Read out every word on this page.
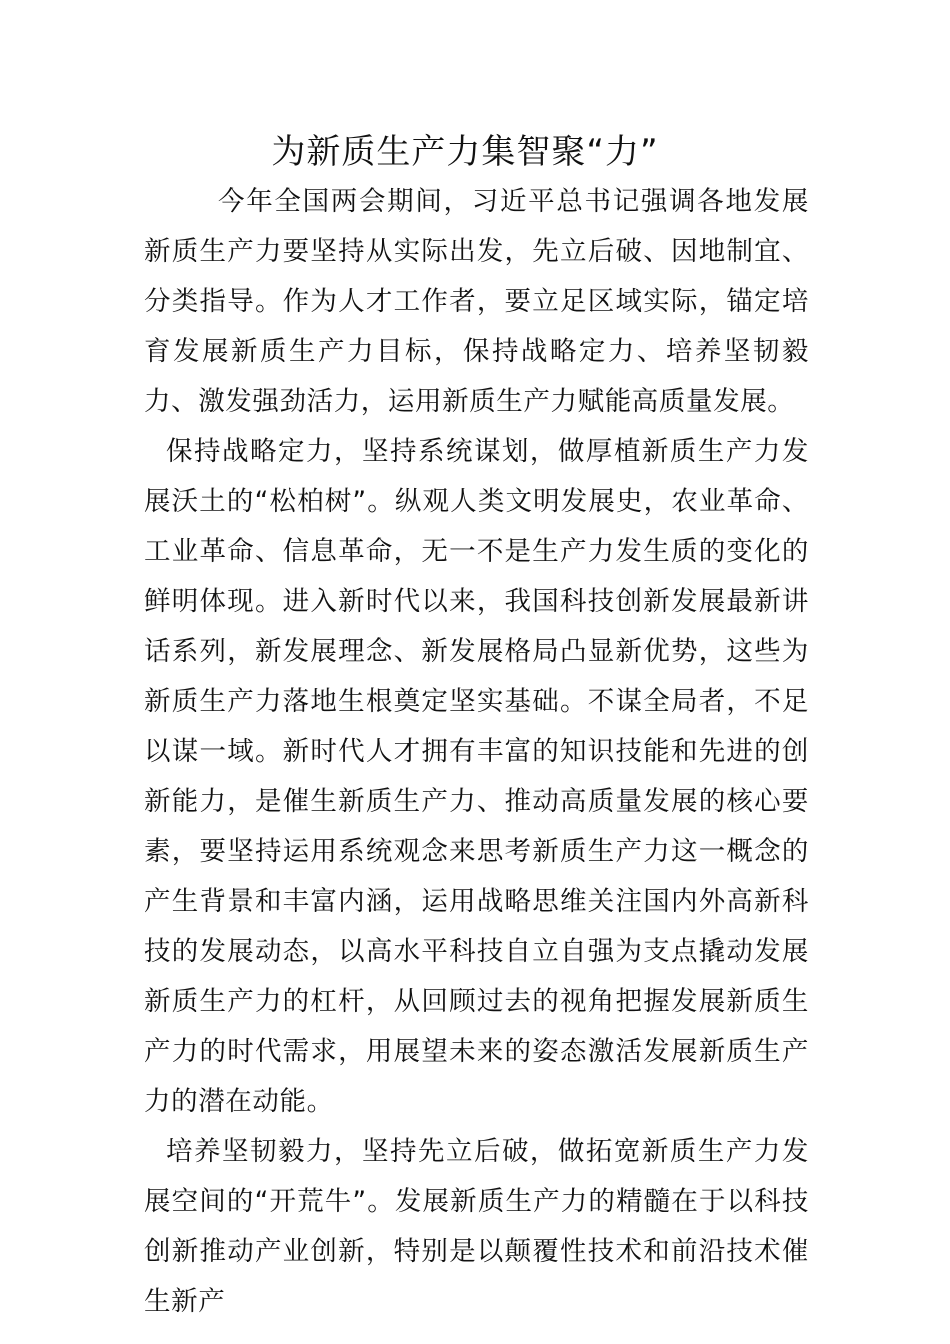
为新质生产力集智聚“力”

今年全国两会期间，习近平总书记强调各地发展新质生产力要坚持从实际出发，先立后破、因地制宜、分类指导。作为人才工作者，要立足区域实际，锚定培育发展新质生产力目标，保持战略定力、培养坚韧毅力、激发强劲活力，运用新质生产力赋能高质量发展。

保持战略定力，坚持系统谋划，做厚植新质生产力发展沃土的“松柏树”。纵观人类文明发展史，农业革命、工业革命、信息革命，无一不是生产力发生质的变化的鲜明体现。进入新时代以来，我国科技创新发展最新讲话系列，新发展理念、新发展格局凸显新优势，这些为新质生产力落地生根奠定坚实基础。不谋全局者，不足以谋一域。新时代人才拥有丰富的知识技能和先进的创新能力，是催生新质生产力、推动高质量发展的核心要素，要坚持运用系统观念来思考新质生产力这一概念的产生背景和丰富内涵，运用战略思维关注国内外高新科技的发展动态，以高水平科技自立自强为支点撬动发展新质生产力的杠杆，从回顾过去的视角把握发展新质生产力的时代需求，用展望未来的姿态激活发展新质生产力的潜在动能。

培养坚韧毅力，坚持先立后破，做拓宽新质生产力发展空间的“开荒牛”。发展新质生产力的精髓在于以科技创新推动产业创新，特别是以颠覆性技术和前沿技术催生新产
